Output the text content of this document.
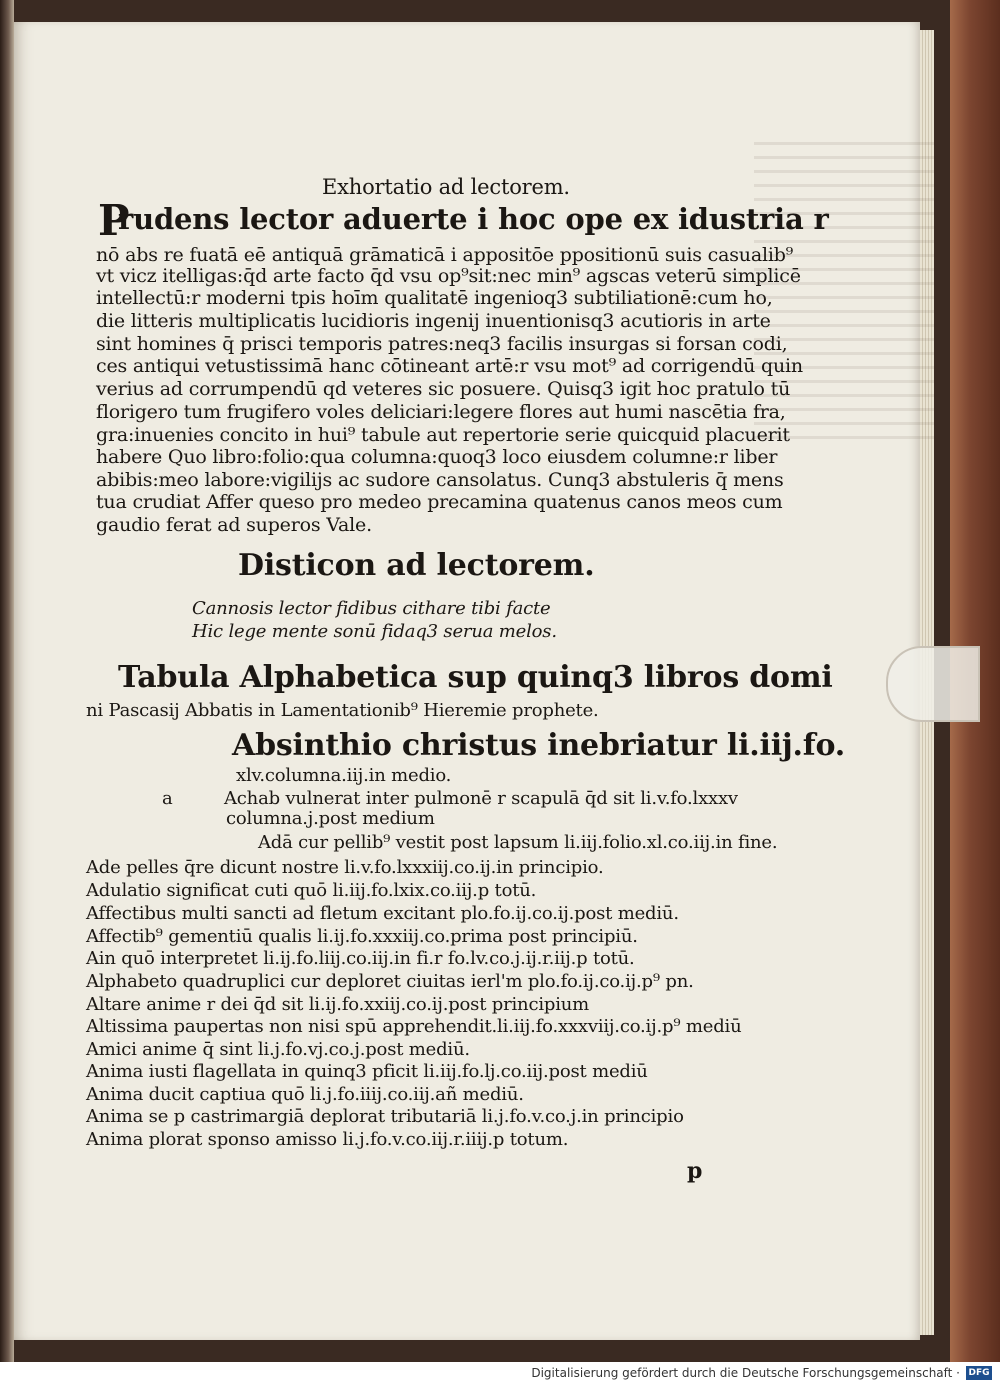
Exhortatio ad lectorem.
P
rudens lector aduerte i hoc ope ex idustria r
nō abs re fuatā eē antiquā grāmaticā i appositōe ppositionū suis casualib⁹
vt vicz itelligas:q̄d arte facto q̄d vsu op⁹sit:nec min⁹ agscas veterū simplicē
intellectū:r moderni tpis hoīm qualitatē ingenioq3 subtiliationē:cum ho,
die litteris multiplicatis lucidioris ingenij inuentionisq3 acutioris in arte
sint homines q̄ prisci temporis patres:neq3 facilis insurgas si forsan codi,
ces antiqui vetustissimā hanc cōtineant artē:r vsu mot⁹ ad corrigendū quin
verius ad corrumpendū qd veteres sic posuere. Quisq3 igit hoc pratulo tū
florigero tum frugifero voles deliciari:legere flores aut humi nascētia fra,
gra:inuenies concito in hui⁹ tabule aut repertorie serie quicquid placuerit
habere Quo libro:folio:qua columna:quoq3 loco eiusdem columne:r liber
abibis:meo labore:vigilijs ac sudore cansolatus. Cunq3 abstuleris q̄ mens
tua crudiat Affer queso pro medeo precamina quatenus canos meos cum
gaudio ferat ad superos Vale.
Disticon ad lectorem.
Cannosis lector fidibus cithare tibi facte
Hic lege mente sonū fidaq3 serua melos.
Tabula Alphabetica sup quinq3 libros domi
ni Pascasij Abbatis in Lamentationib⁹ Hieremie prophete.
Absinthio christus inebriatur li.iij.fo.
xlv.columna.iij.in medio.
a	Achab vulnerat inter pulmonē r scapulā q̄d sit li.v.fo.lxxxv
columna.j.post medium
Adā cur pellib⁹ vestit post lapsum li.iij.folio.xl.co.iij.in fine.
Ade pelles q̄re dicunt nostre li.v.fo.lxxxiij.co.ij.in principio.
Adulatio significat cuti quō li.iij.fo.lxix.co.iij.p totū.
Affectibus multi sancti ad fletum excitant plo.fo.ij.co.ij.post mediū.
Affectib⁹ gementiū qualis li.ij.fo.xxxiij.co.prima post principiū.
Ain quō interpretet li.ij.fo.liij.co.iij.in fi.r fo.lv.co.j.ij.r.iij.p totū.
Alphabeto quadruplici cur deploret ciuitas ierl'm plo.fo.ij.co.ij.p⁹ pn.
Altare anime r dei q̄d sit li.ij.fo.xxiij.co.ij.post principium
Altissima paupertas non nisi spū apprehendit.li.iij.fo.xxxviij.co.ij.p⁹ mediū
Amici anime q̄ sint li.j.fo.vj.co.j.post mediū.
Anima iusti flagellata in quinq3 pficit li.iij.fo.lj.co.iij.post mediū
Anima ducit captiua quō li.j.fo.iiij.co.iij.añ mediū.
Anima se p castrimargiā deplorat tributariā li.j.fo.v.co.j.in principio
Anima plorat sponso amisso li.j.fo.v.co.iij.r.iiij.p totum.
p
Digitalisierung gefördert durch die Deutsche Forschungsgemeinschaft · DFG
